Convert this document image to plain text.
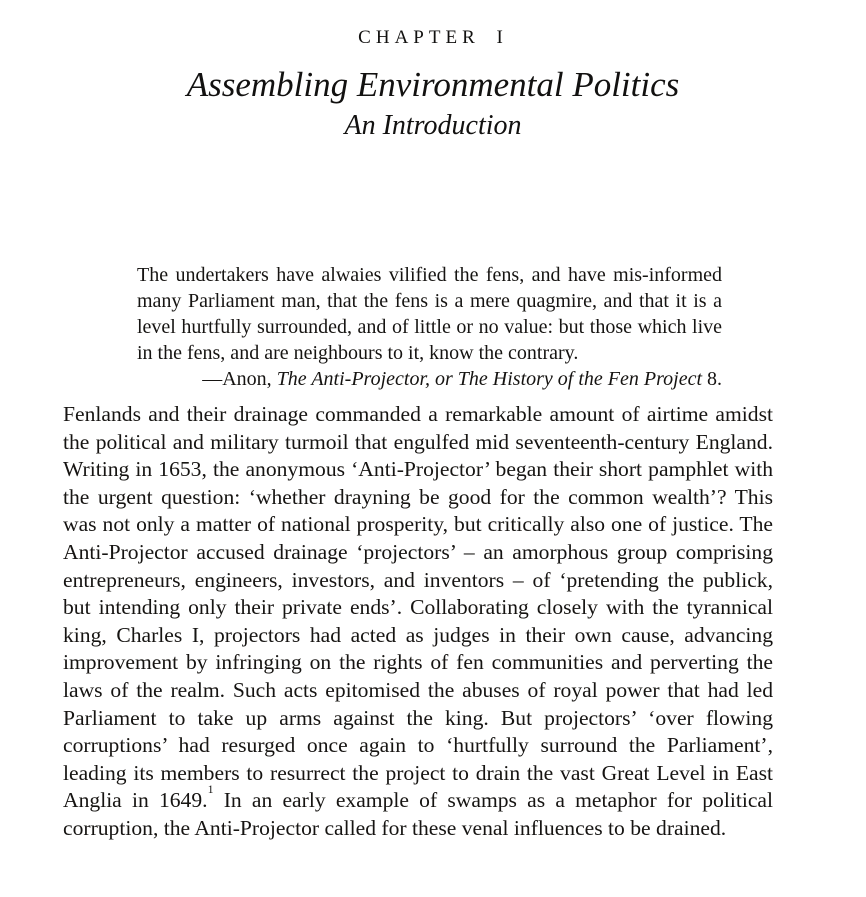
CHAPTER I

Assembling Environmental Politics
An Introduction

The undertakers have alwaies vilified the fens, and have mis-informed many Parliament man, that the fens is a mere quagmire, and that it is a level hurtfully surrounded, and of little or no value: but those which live in the fens, and are neighbours to it, know the contrary.

—Anon, The Anti-Projector, or The History of the Fen Project 8.

Fenlands and their drainage commanded a remarkable amount of airtime amidst the political and military turmoil that engulfed mid seventeenth-century England. Writing in 1653, the anonymous ‘Anti-Projector’ began their short pamphlet with the urgent question: ‘whether drayning be good for the common wealth’? This was not only a matter of national prosperity, but critically also one of justice. The Anti-Projector accused drainage ‘projectors’ – an amorphous group comprising entrepreneurs, engineers, investors, and inventors – of ‘pretending the publick, but intending only their private ends’. Collaborating closely with the tyrannical king, Charles I, projectors had acted as judges in their own cause, advancing improvement by infringing on the rights of fen communities and perverting the laws of the realm. Such acts epitomised the abuses of royal power that had led Parliament to take up arms against the king. But projectors’ ‘over flowing corruptions’ had resurged once again to ‘hurtfully surround the Parliament’, leading its members to resurrect the project to drain the vast Great Level in East Anglia in 1649.$^1$ In an early example of swamps as a metaphor for political corruption, the Anti-Projector called for these venal influences to be drained.
